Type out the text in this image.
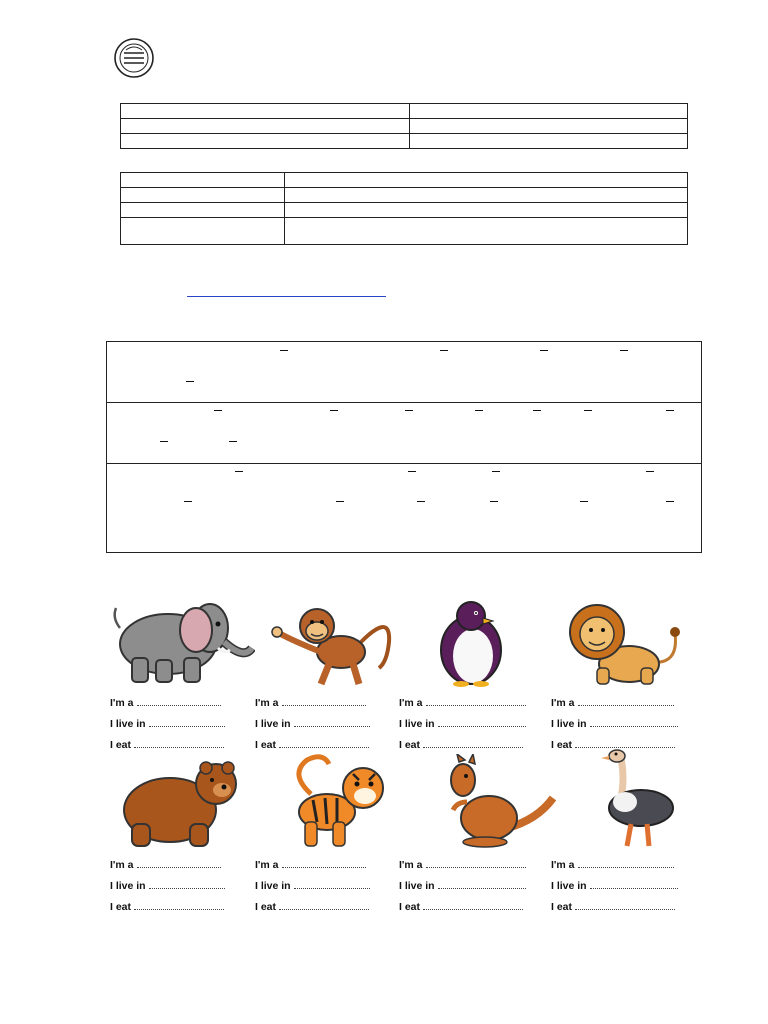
I'm a
I live in
I eat
I'm a
I live in
I eat
I'm a
I live in
I eat
I'm a
I live in
I eat
I'm a
I live in
I eat
I'm a
I live in
I eat
I'm a
I live in
I eat
I'm a
I live in
I eat
